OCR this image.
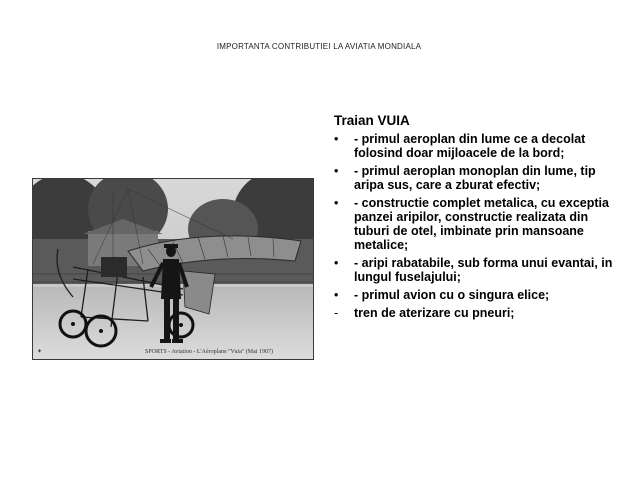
IMPORTANTA CONTRIBUTIEI LA AVIATIA MONDIALA
SPORTS - Aviation - L'Aéroplane "Vuia" (Mai 1907)
✦
Traian VUIA
•	- primul aeroplan din lume ce a decolat folosind doar mijloacele de la bord;
•	- primul aeroplan monoplan din lume, tip aripa sus, care a zburat efectiv;
•	- constructie complet metalica, cu exceptia panzei aripilor, constructie realizata din tuburi de otel, imbinate prin mansoane metalice;
•	- aripi rabatabile, sub forma unui evantai, in lungul fuselajului;
•	- primul avion cu o singura elice;
-	tren de aterizare cu pneuri;
